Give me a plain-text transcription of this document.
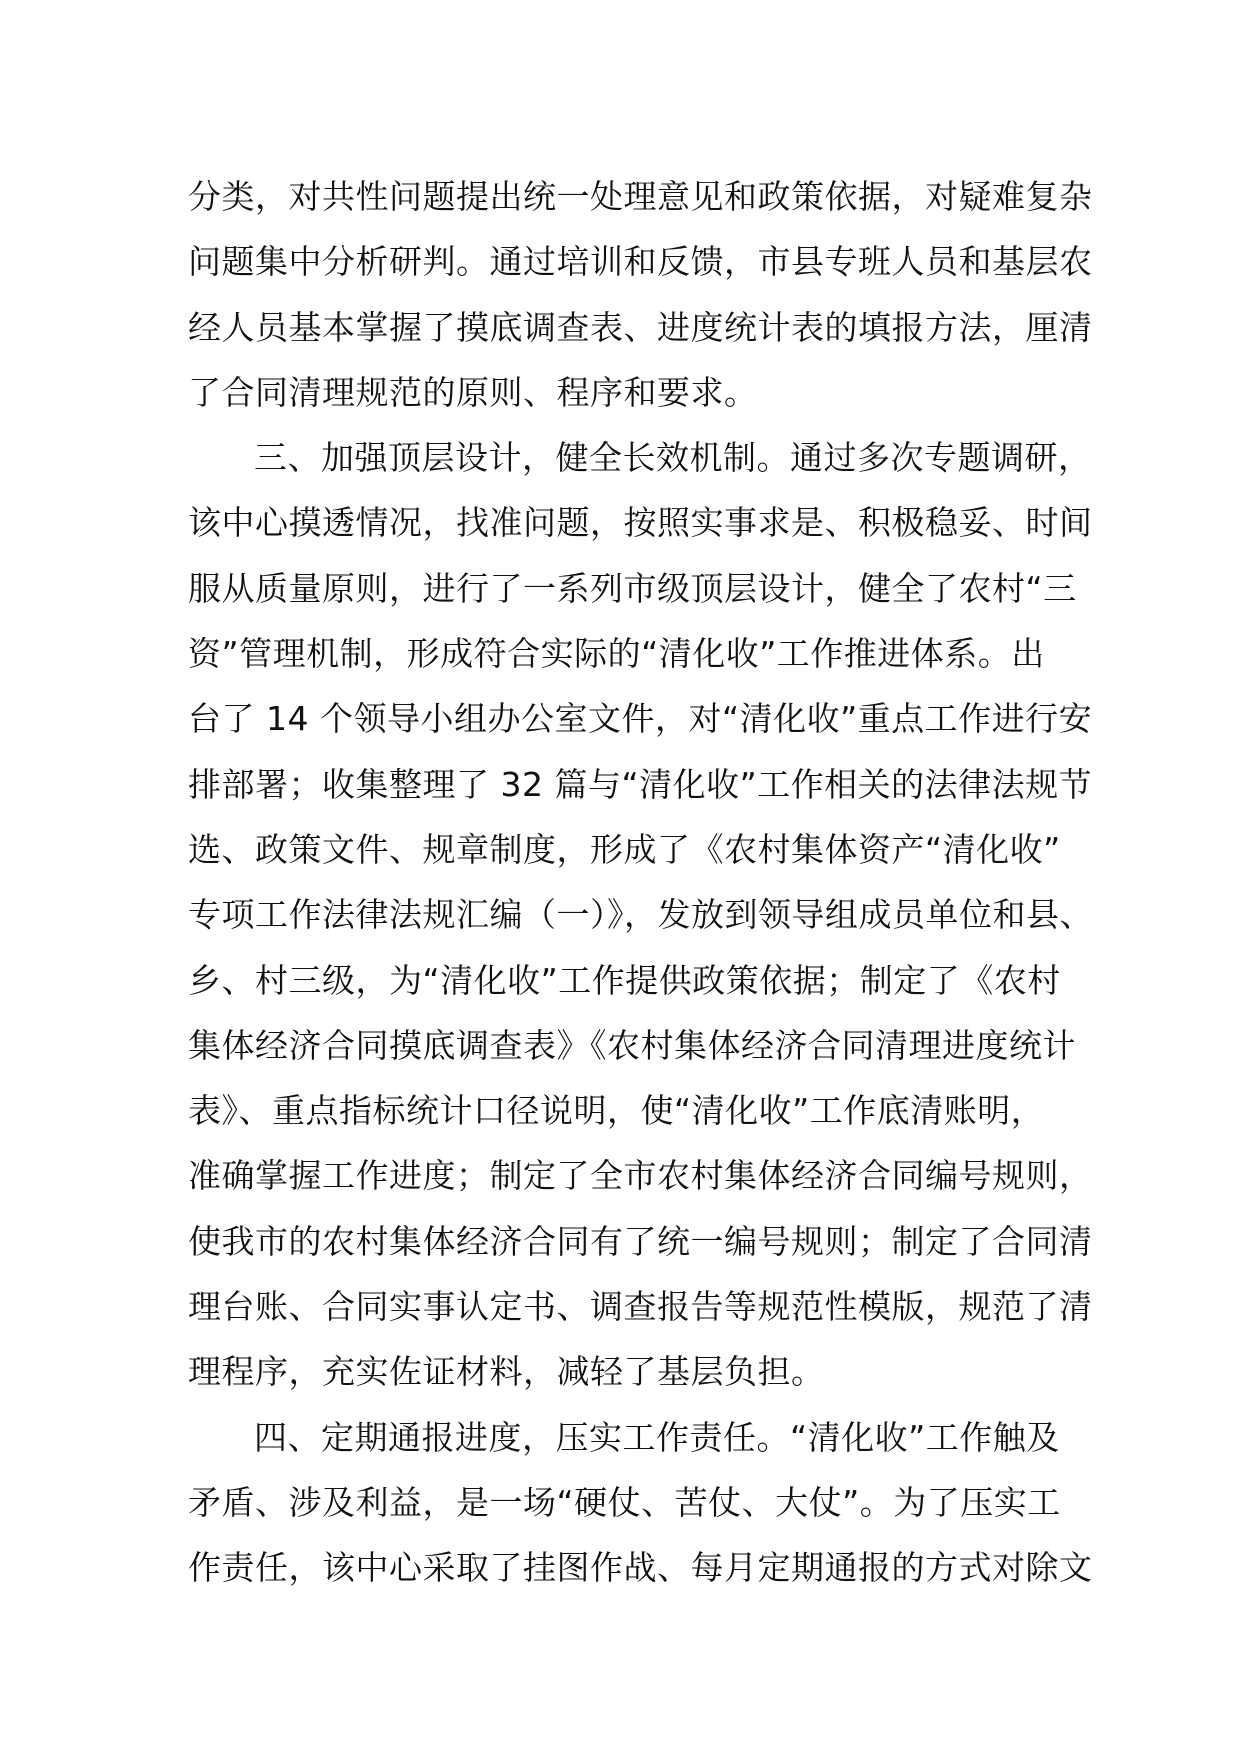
分类，对共性问题提出统一处理意见和政策依据，对疑难复杂
问题集中分析研判。通过培训和反馈，市县专班人员和基层农
经人员基本掌握了摸底调查表、进度统计表的填报方法，厘清
了合同清理规范的原则、程序和要求。
三、加强顶层设计，健全长效机制。通过多次专题调研，
该中心摸透情况，找准问题，按照实事求是、积极稳妥、时间
服从质量原则，进行了一系列市级顶层设计，健全了农村“三
资”管理机制，形成符合实际的“清化收”工作推进体系。出
台了 14 个领导小组办公室文件，对“清化收”重点工作进行安
排部署；收集整理了 32 篇与“清化收”工作相关的法律法规节
选、政策文件、规章制度，形成了《农村集体资产“清化收”
专项工作法律法规汇编（一）》，发放到领导组成员单位和县、
乡、村三级，为“清化收”工作提供政策依据；制定了《农村
集体经济合同摸底调查表》《农村集体经济合同清理进度统计
表》、重点指标统计口径说明，使“清化收”工作底清账明，
准确掌握工作进度；制定了全市农村集体经济合同编号规则，
使我市的农村集体经济合同有了统一编号规则；制定了合同清
理台账、合同实事认定书、调查报告等规范性模版，规范了清
理程序，充实佐证材料，减轻了基层负担。
四、定期通报进度，压实工作责任。“清化收”工作触及
矛盾、涉及利益，是一场“硬仗、苦仗、大仗”。为了压实工
作责任，该中心采取了挂图作战、每月定期通报的方式对除文
